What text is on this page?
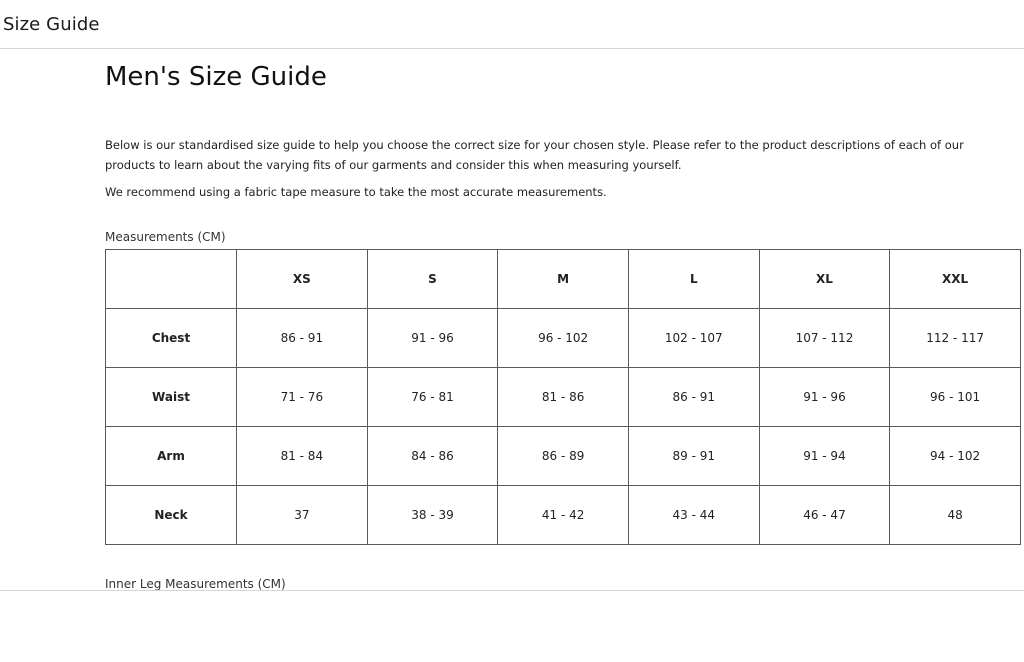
Size Guide
Men's Size Guide

Below is our standardised size guide to help you choose the correct size for your chosen style. Please refer to the product descriptions of each of our products to learn about the varying fits of our garments and consider this when measuring yourself.

We recommend using a fabric tape measure to take the most accurate measurements.

Measurements (CM)

	XS	S	M	L	XL	XXL
Chest	86 - 91	91 - 96	96 - 102	102 - 107	107 - 112	112 - 117
Waist	71 - 76	76 - 81	81 - 86	86 - 91	91 - 96	96 - 101
Arm	81 - 84	84 - 86	86 - 89	89 - 91	91 - 94	94 - 102
Neck	37	38 - 39	41 - 42	43 - 44	46 - 47	48

Inner Leg Measurements (CM)
